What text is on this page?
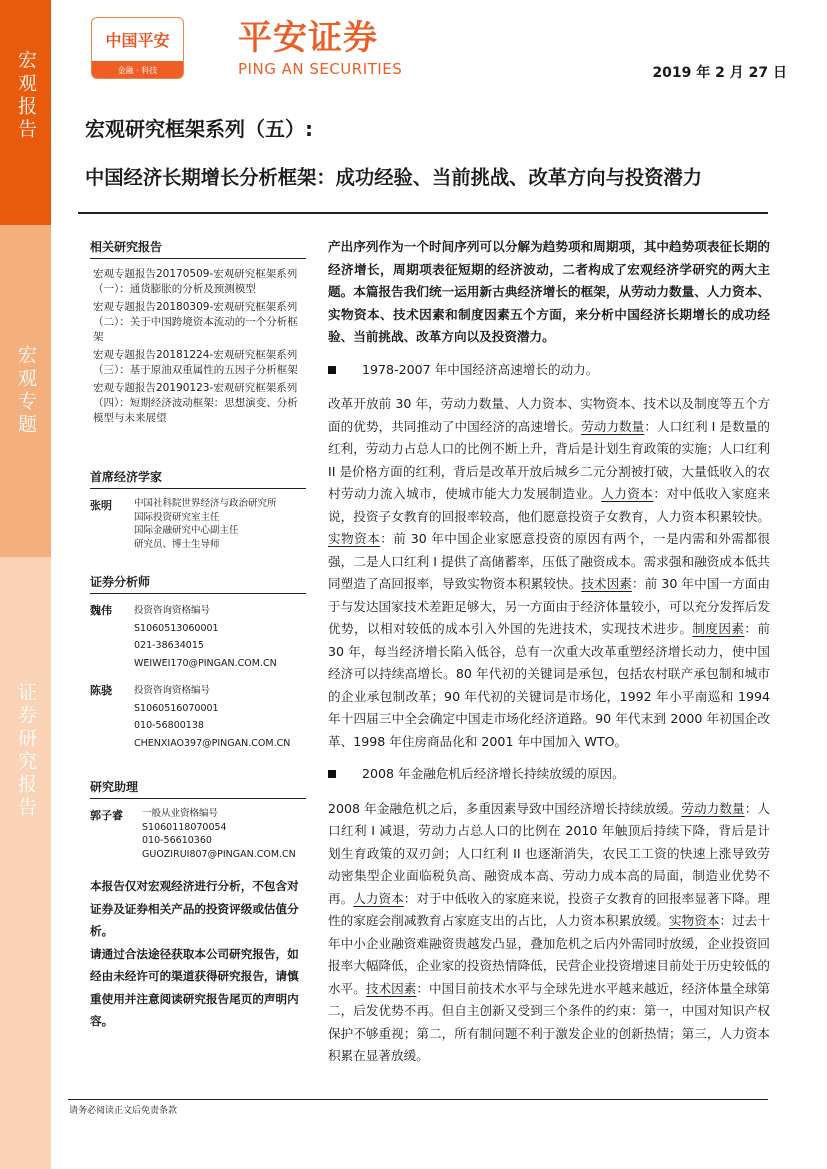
宏观报告
宏观专题
证券研究报告
中国平安
金融 · 科技
平安证券
PING AN SECURITIES	2019 年 2 月 27 日
宏观研究框架系列（五）:
中国经济长期增长分析框架：成功经验、当前挑战、改革方向与投资潜力
相关研究报告
宏观专题报告20170509-宏观研究框架系列（一）：通货膨胀的分析及预测模型
宏观专题报告20180309-宏观研究框架系列（二）：关于中国跨境资本流动的一个分析框架
宏观专题报告20181224-宏观研究框架系列（三）：基于原油双重属性的五因子分析框架
宏观专题报告20190123-宏观研究框架系列（四）：短期经济波动框架：思想演变、分析模型与未来展望
首席经济学家
张明	中国社科院世界经济与政治研究所
国际投资研究室主任
国际金融研究中心副主任
研究员、博士生导师
证券分析师
魏伟	投资咨询资格编号
S1060513060001
021-38634015
WEIWEI170@PINGAN.COM.CN
陈骁	投资咨询资格编号
S1060516070001
010-56800138
CHENXIAO397@PINGAN.COM.CN
研究助理
郭子睿	一般从业资格编号
S1060118070054
010-56610360
GUOZIRUI807@PINGAN.COM.CN
本报告仅对宏观经济进行分析，不包含对证券及证券相关产品的投资评级或估值分析。
请通过合法途径获取本公司研究报告，如经由未经许可的渠道获得研究报告，请慎重使用并注意阅读研究报告尾页的声明内容。

产出序列作为一个时间序列可以分解为趋势项和周期项，其中趋势项表征长期的经济增长，周期项表征短期的经济波动，二者构成了宏观经济学研究的两大主题。本篇报告我们统一运用新古典经济增长的框架，从劳动力数量、人力资本、实物资本、技术因素和制度因素五个方面，来分析中国经济长期增长的成功经验、当前挑战、改革方向以及投资潜力。

1978-2007 年中国经济高速增长的动力。

改革开放前 30 年，劳动力数量、人力资本、实物资本、技术以及制度等五个方面的优势，共同推动了中国经济的高速增长。劳动力数量：人口红利 I 是数量的红利，劳动力占总人口的比例不断上升，背后是计划生育政策的实施；人口红利 II 是价格方面的红利，背后是改革开放后城乡二元分割被打破，大量低收入的农村劳动力流入城市，使城市能大力发展制造业。人力资本：对中低收入家庭来说，投资子女教育的回报率较高，他们愿意投资子女教育，人力资本积累较快。实物资本：前 30 年中国企业家愿意投资的原因有两个，一是内需和外需都很强，二是人口红利 I 提供了高储蓄率，压低了融资成本。需求强和融资成本低共同塑造了高回报率，导致实物资本积累较快。技术因素：前 30 年中国一方面由于与发达国家技术差距足够大，另一方面由于经济体量较小，可以充分发挥后发优势，以相对较低的成本引入外国的先进技术，实现技术进步。制度因素：前 30 年，每当经济增长陷入低谷，总有一次重大改革重塑经济增长动力，使中国经济可以持续高增长。80 年代初的关键词是承包，包括农村联产承包制和城市的企业承包制改革；90 年代初的关键词是市场化，1992 年小平南巡和 1994 年十四届三中全会确定中国走市场化经济道路。90 年代末到 2000 年初国企改革、1998 年住房商品化和 2001 年中国加入 WTO。

2008 年金融危机后经济增长持续放缓的原因。

2008 年金融危机之后，多重因素导致中国经济增长持续放缓。劳动力数量：人口红利 I 减退，劳动力占总人口的比例在 2010 年触顶后持续下降，背后是计划生育政策的双刃剑；人口红利 II 也逐渐消失，农民工工资的快速上涨导致劳动密集型企业面临税负高、融资成本高、劳动力成本高的局面，制造业优势不再。人力资本：对于中低收入的家庭来说，投资子女教育的回报率显著下降。理性的家庭会削减教育占家庭支出的占比，人力资本积累放缓。实物资本：过去十年中小企业融资难融资贵越发凸显，叠加危机之后内外需同时放缓，企业投资回报率大幅降低，企业家的投资热情降低，民营企业投资增速目前处于历史较低的水平。技术因素：中国目前技术水平与全球先进水平越来越近，经济体量全球第二，后发优势不再。但自主创新又受到三个条件的约束：第一，中国对知识产权保护不够重视；第二，所有制问题不利于激发企业的创新热情；第三，人力资本积累在显著放缓。

请务必阅读正文后免责条款
